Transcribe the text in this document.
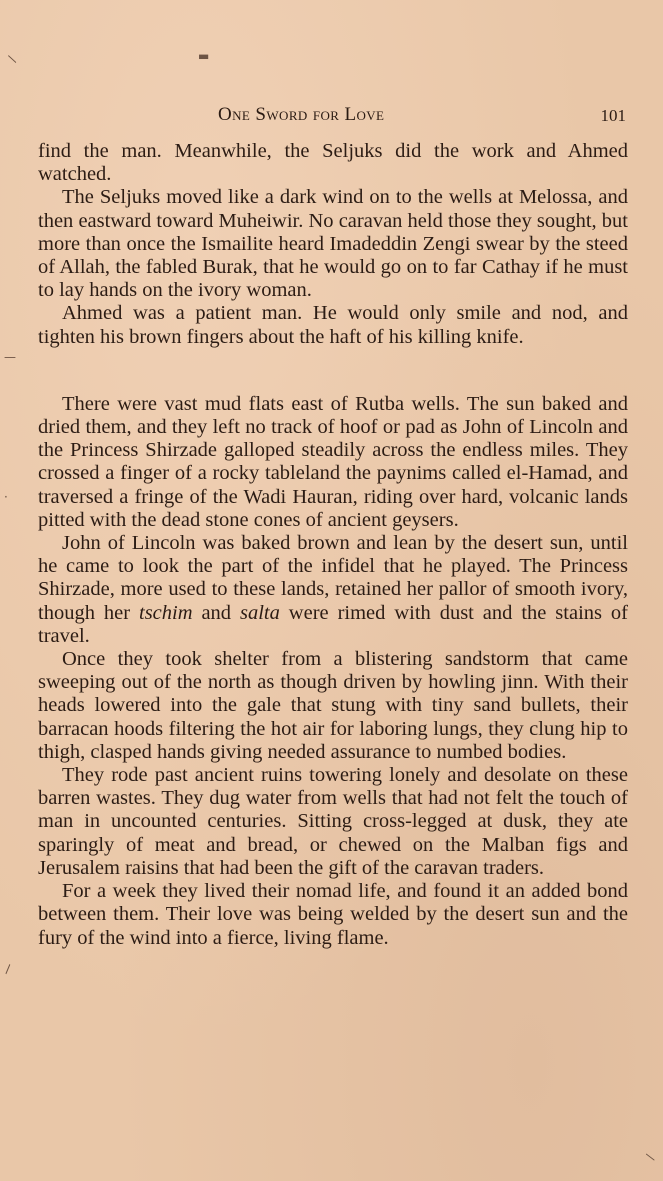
/	▬
—
·
\
/
One Sword for Love	101

find the man. Meanwhile, the Seljuks did the work and Ahmed watched.

The Seljuks moved like a dark wind on to the wells at Melossa, and then eastward toward Muheiwir. No caravan held those they sought, but more than once the Ismailite heard Imadeddin Zengi swear by the steed of Allah, the fabled Burak, that he would go on to far Cathay if he must to lay hands on the ivory woman.

Ahmed was a patient man. He would only smile and nod, and tighten his brown fingers about the haft of his killing knife.

There were vast mud flats east of Rutba wells. The sun baked and dried them, and they left no track of hoof or pad as John of Lincoln and the Princess Shirzade galloped steadily across the endless miles. They crossed a finger of a rocky tableland the paynims called el-Hamad, and traversed a fringe of the Wadi Hauran, riding over hard, volcanic lands pitted with the dead stone cones of ancient geysers.

John of Lincoln was baked brown and lean by the desert sun, until he came to look the part of the infidel that he played. The Princess Shirzade, more used to these lands, retained her pallor of smooth ivory, though her tschim and salta were rimed with dust and the stains of travel.

Once they took shelter from a blistering sandstorm that came sweeping out of the north as though driven by howling jinn. With their heads lowered into the gale that stung with tiny sand bullets, their barracan hoods filtering the hot air for laboring lungs, they clung hip to thigh, clasped hands giving needed assurance to numbed bodies.

They rode past ancient ruins towering lonely and desolate on these barren wastes. They dug water from wells that had not felt the touch of man in uncounted centuries. Sitting cross-legged at dusk, they ate sparingly of meat and bread, or chewed on the Malban figs and Jerusalem raisins that had been the gift of the caravan traders.

For a week they lived their nomad life, and found it an added bond between them. Their love was being welded by the desert sun and the fury of the wind into a fierce, living flame.
